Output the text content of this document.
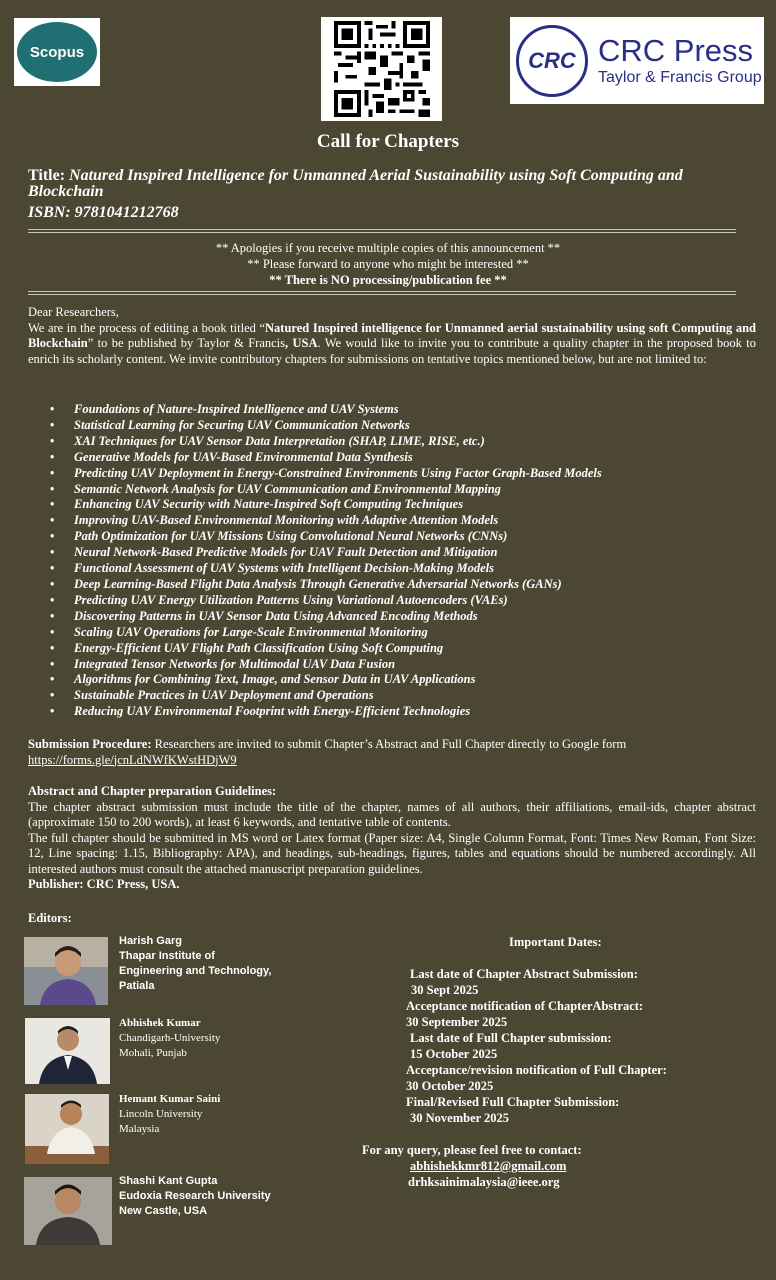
Scopus	CRC CRC Press
Taylor & Francis Group
Call for Chapters
Title: Natured Inspired Intelligence for Unmanned Aerial Sustainability using Soft Computing and Blockchain
ISBN: 9781041212768
** Apologies if you receive multiple copies of this announcement **
** Please forward to anyone who might be interested **
** There is NO processing/publication fee **
Dear Researchers,
We are in the process of editing a book titled “Natured Inspired intelligence for Unmanned aerial sustainability using soft Computing and Blockchain” to be published by Taylor & Francis, USA. We would like to invite you to contribute a quality chapter in the proposed book to enrich its scholarly content. We invite contributory chapters for submissions on tentative topics mentioned below, but are not limited to:
• Foundations of Nature-Inspired Intelligence and UAV Systems
• Statistical Learning for Securing UAV Communication Networks
• XAI Techniques for UAV Sensor Data Interpretation (SHAP, LIME, RISE, etc.)
• Generative Models for UAV-Based Environmental Data Synthesis
• Predicting UAV Deployment in Energy-Constrained Environments Using Factor Graph-Based Models
• Semantic Network Analysis for UAV Communication and Environmental Mapping
• Enhancing UAV Security with Nature-Inspired Soft Computing Techniques
• Improving UAV-Based Environmental Monitoring with Adaptive Attention Models
• Path Optimization for UAV Missions Using Convolutional Neural Networks (CNNs)
• Neural Network-Based Predictive Models for UAV Fault Detection and Mitigation
• Functional Assessment of UAV Systems with Intelligent Decision-Making Models
• Deep Learning-Based Flight Data Analysis Through Generative Adversarial Networks (GANs)
• Predicting UAV Energy Utilization Patterns Using Variational Autoencoders (VAEs)
• Discovering Patterns in UAV Sensor Data Using Advanced Encoding Methods
• Scaling UAV Operations for Large-Scale Environmental Monitoring
• Energy-Efficient UAV Flight Path Classification Using Soft Computing
• Integrated Tensor Networks for Multimodal UAV Data Fusion
• Algorithms for Combining Text, Image, and Sensor Data in UAV Applications
• Sustainable Practices in UAV Deployment and Operations
• Reducing UAV Environmental Footprint with Energy-Efficient Technologies
Submission Procedure: Researchers are invited to submit Chapter’s Abstract and Full Chapter directly to Google form
https://forms.gle/jcnLdNWfKWstHDjW9
Abstract and Chapter preparation Guidelines:
The chapter abstract submission must include the title of the chapter, names of all authors, their affiliations, email-ids, chapter abstract (approximate 150 to 200 words), at least 6 keywords, and tentative table of contents.
The full chapter should be submitted in MS word or Latex format (Paper size: A4, Single Column Format, Font: Times New Roman, Font Size: 12, Line spacing: 1.15, Bibliography: APA), and headings, sub-headings, figures, tables and equations should be numbered accordingly. All interested authors must consult the attached manuscript preparation guidelines.
Publisher: CRC Press, USA.
Editors:
Harish Garg
Thapar Institute of
Engineering and Technology,
Patiala
Abhishek Kumar
Chandigarh-University
Mohali, Punjab
Hemant Kumar Saini
Lincoln University
Malaysia
Shashi Kant Gupta
Eudoxia Research University
New Castle, USA
Important Dates:
Last date of Chapter Abstract Submission:
30 Sept 2025
Acceptance notification of ChapterAbstract:
30 September 2025
Last date of Full Chapter submission:
15 October 2025
Acceptance/revision notification of Full Chapter:
30 October 2025
Final/Revised Full Chapter Submission:
30 November 2025
For any query, please feel free to contact:
abhishekkmr812@gmail.com
drhksainimalaysia@ieee.org
